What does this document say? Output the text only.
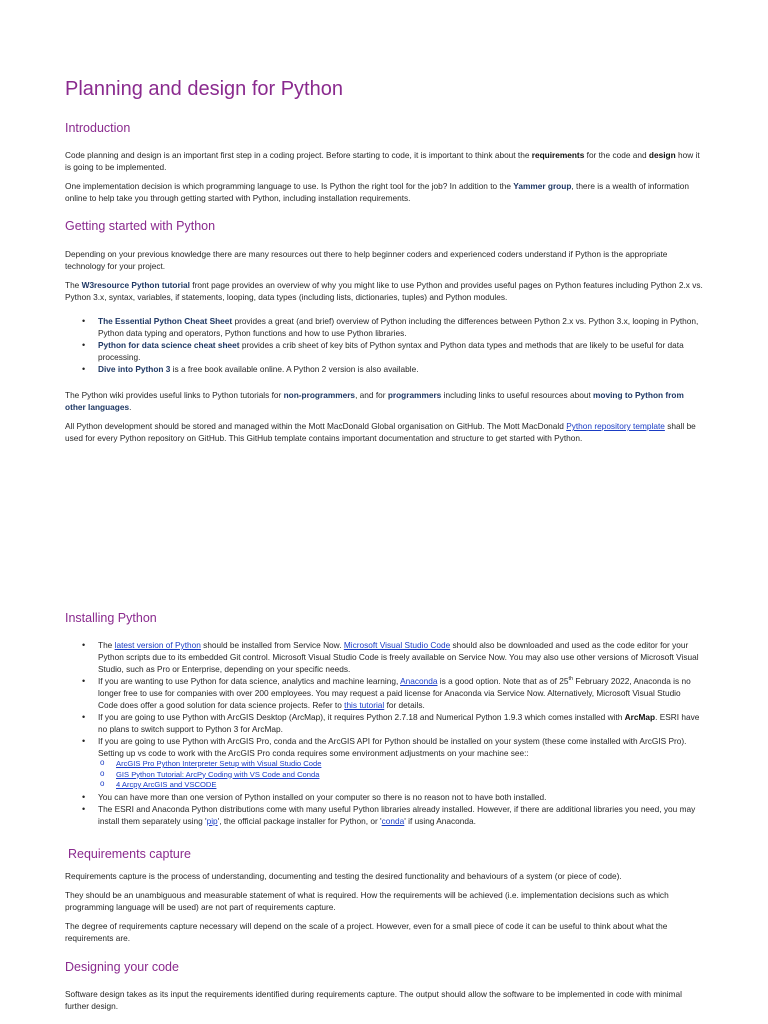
Planning and design for Python
Introduction

Code planning and design is an important first step in a coding project. Before starting to code, it is important to think about the requirements for the code and design how it is going to be implemented.

One implementation decision is which programming language to use. Is Python the right tool for the job? In addition to the Yammer group, there is a wealth of information online to help take you through getting started with Python, including installation requirements.

Getting started with Python

Depending on your previous knowledge there are many resources out there to help beginner coders and experienced coders understand if Python is the appropriate technology for your project.

The W3resource Python tutorial front page provides an overview of why you might like to use Python and provides useful pages on Python features including Python 2.x vs. Python 3.x, syntax, variables, if statements, looping, data types (including lists, dictionaries, tuples) and Python modules.

• The Essential Python Cheat Sheet provides a great (and brief) overview of Python including the differences between Python 2.x vs. Python 3.x, looping in Python, Python data typing and operators, Python functions and how to use Python libraries.
• Python for data science cheat sheet provides a crib sheet of key bits of Python syntax and Python data types and methods that are likely to be useful for data processing.
• Dive into Python 3 is a free book available online. A Python 2 version is also available.

The Python wiki provides useful links to Python tutorials for non-programmers, and for programmers including links to useful resources about moving to Python from other languages.

All Python development should be stored and managed within the Mott MacDonald Global organisation on GitHub. The Mott MacDonald Python repository template shall be used for every Python repository on GitHub. This GitHub template contains important documentation and structure to get started with Python.

Installing Python
• The latest version of Python should be installed from Service Now. Microsoft Visual Studio Code should also be downloaded and used as the code editor for your Python scripts due to its embedded Git control. Microsoft Visual Studio Code is freely available on Service Now. You may also use other versions of Microsoft Visual Studio, such as Pro or Enterprise, depending on your specific needs.
• If you are wanting to use Python for data science, analytics and machine learning, Anaconda is a good option. Note that as of 25th February 2022, Anaconda is no longer free to use for companies with over 200 employees. You may request a paid license for Anaconda via Service Now. Alternatively, Microsoft Visual Studio Code does offer a good solution for data science projects. Refer to this tutorial for details.
• If you are going to use Python with ArcGIS Desktop (ArcMap), it requires Python 2.7.18 and Numerical Python 1.9.3 which comes installed with ArcMap. ESRI have no plans to switch support to Python 3 for ArcMap.
• If you are going to use Python with ArcGIS Pro, conda and the ArcGIS API for Python should be installed on your system (these come installed with ArcGIS Pro). Setting up vs code to work with the ArcGIS Pro conda requires some environment adjustments on your machine see::
o ArcGIS Pro Python Interpreter Setup with Visual Studio Code
o GIS Python Tutorial: ArcPy Coding with VS Code and Conda
o 4 Arcpy ArcGIS and VSCODE
• You can have more than one version of Python installed on your computer so there is no reason not to have both installed.
• The ESRI and Anaconda Python distributions come with many useful Python libraries already installed. However, if there are additional libraries you need, you may install them separately using 'pip', the official package installer for Python, or 'conda' if using Anaconda.
Requirements capture

Requirements capture is the process of understanding, documenting and testing the desired functionality and behaviours of a system (or piece of code).

They should be an unambiguous and measurable statement of what is required. How the requirements will be achieved (i.e. implementation decisions such as which programming language will be used) are not part of requirements capture.

The degree of requirements capture necessary will depend on the scale of a project. However, even for a small piece of code it can be useful to think about what the requirements are.

Designing your code

Software design takes as its input the requirements identified during requirements capture. The output should allow the software to be implemented in code with minimal further design.
